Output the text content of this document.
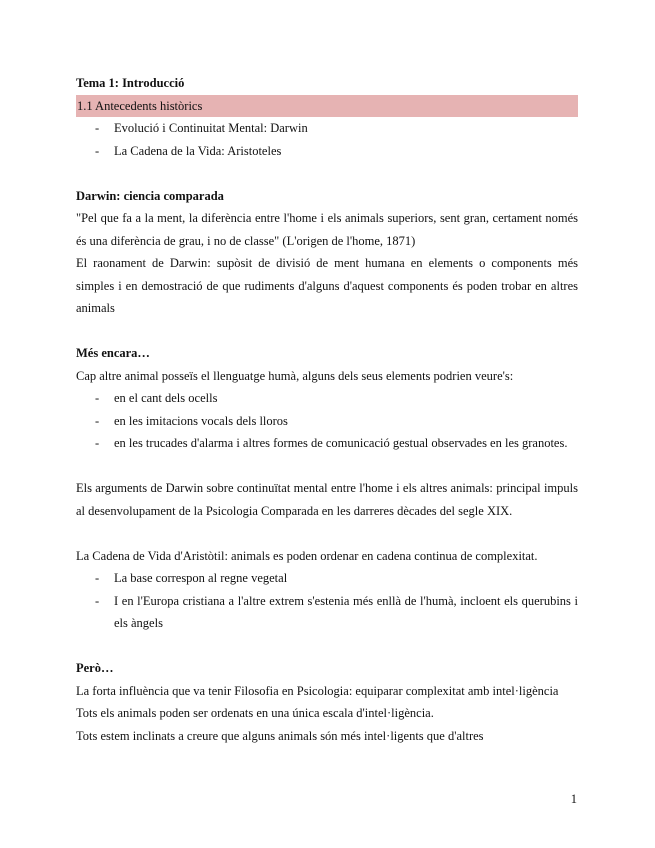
Tema 1: Introducció
1.1 Antecedents històrics
- Evolució i Continuitat Mental: Darwin
- La Cadena de la Vida: Aristoteles
Darwin: ciencia comparada
"Pel que fa a la ment, la diferència entre l'home i els animals superiors, sent gran, certament només és una diferència de grau, i no de classe" (L'origen de l'home, 1871)
El raonament de Darwin: supòsit de divisió de ment humana en elements o components més simples i en demostració de que rudiments d'alguns d'aquest components és poden trobar en altres animals
Més encara…
Cap altre animal posseïs el llenguatge humà, alguns dels seus elements podrien veure's:
- en el cant dels ocells
- en les imitacions vocals dels lloros
- en les trucades d'alarma i altres formes de comunicació gestual observades en les granotes.
Els arguments de Darwin sobre continuïtat mental entre l'home i els altres animals: principal impuls al desenvolupament de la Psicologia Comparada en les darreres dècades del segle XIX.
La Cadena de Vida d'Aristòtil: animals es poden ordenar en cadena continua de complexitat.
- La base correspon al regne vegetal
- I en l'Europa cristiana a l'altre extrem s'estenia més enllà de l'humà, incloent els querubins i els àngels
Però…
La forta influència que va tenir Filosofia en Psicologia: equiparar complexitat amb intel·ligència
Tots els animals poden ser ordenats en una única escala d'intel·ligència.
Tots estem inclinats a creure que alguns animals són més intel·ligents que d'altres
1
